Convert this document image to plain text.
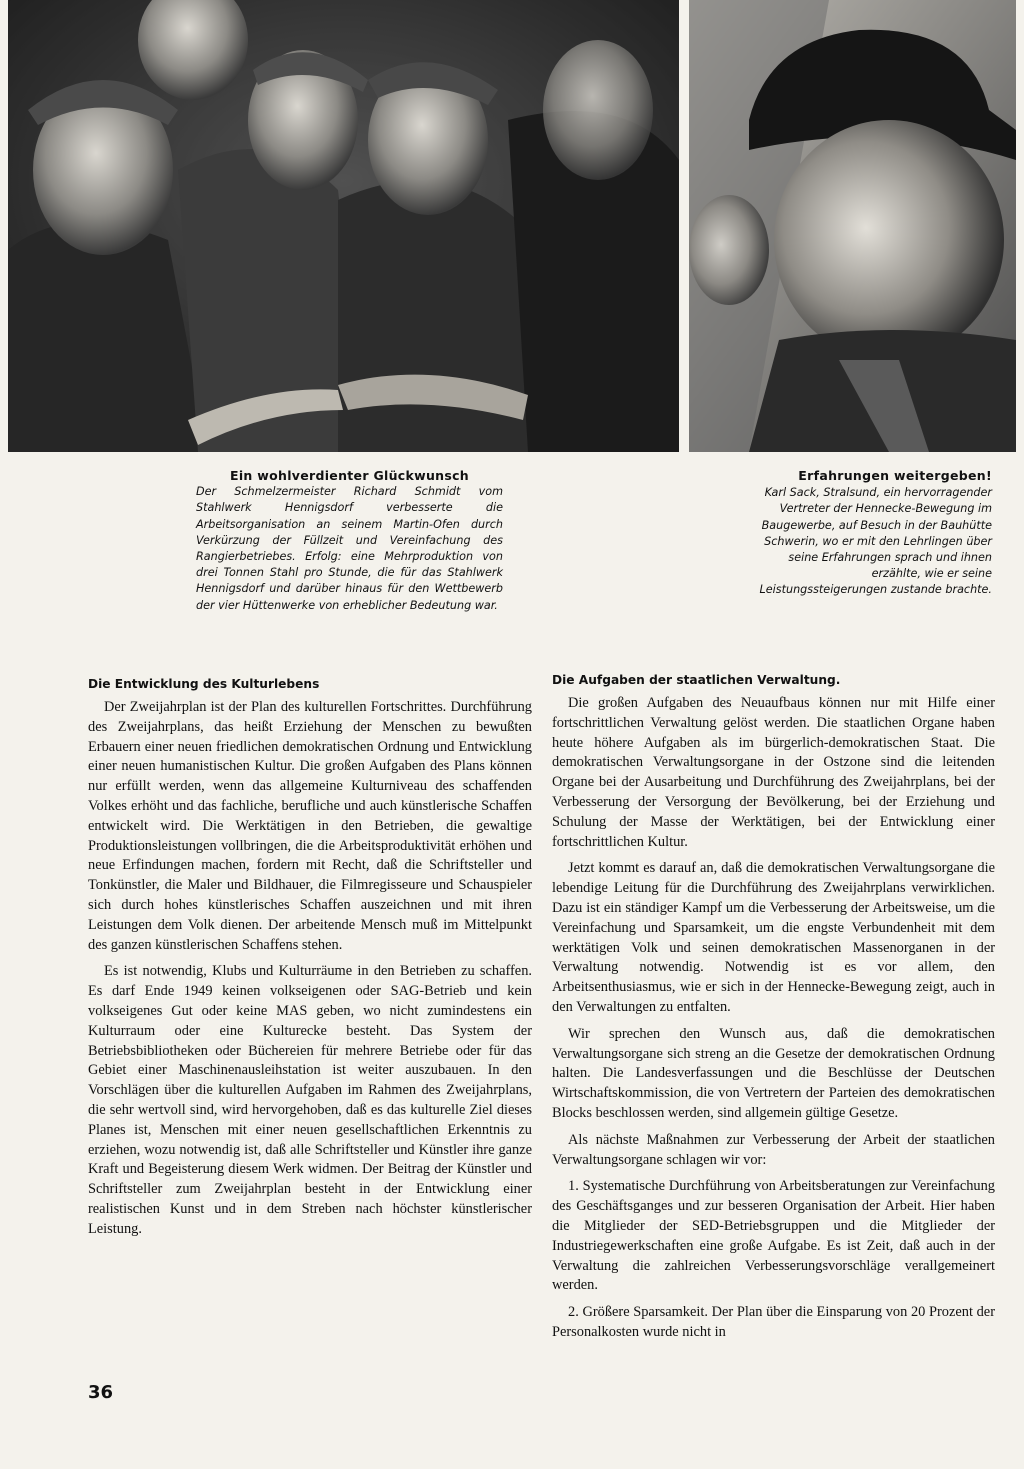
Ein wohlverdienter Glückwunsch
Der Schmelzermeister Richard Schmidt vom Stahlwerk Hennigsdorf verbesserte die Arbeitsorganisation an seinem Martin-Ofen durch Verkürzung der Füllzeit und Vereinfachung des Rangierbetriebes. Erfolg: eine Mehrproduktion von drei Tonnen Stahl pro Stunde, die für das Stahlwerk Hennigsdorf und darüber hinaus für den Wettbewerb der vier Hüttenwerke von erheblicher Bedeutung war.
Erfahrungen weitergeben!
Karl Sack, Stralsund, ein hervorragender Vertreter der Hennecke-Bewegung im Baugewerbe, auf Besuch in der Bauhütte Schwerin, wo er mit den Lehrlingen über seine Erfahrungen sprach und ihnen erzählte, wie er seine Leistungssteigerungen zustande brachte.
Die Entwicklung des Kulturlebens

Der Zweijahrplan ist der Plan des kulturellen Fortschrittes. Durchführung des Zweijahrplans, das heißt Erziehung der Menschen zu bewußten Erbauern einer neuen friedlichen demokratischen Ordnung und Entwicklung einer neuen humanistischen Kultur. Die großen Aufgaben des Plans können nur erfüllt werden, wenn das allgemeine Kulturniveau des schaffenden Volkes erhöht und das fachliche, berufliche und auch künstlerische Schaffen entwickelt wird. Die Werktätigen in den Betrieben, die gewaltige Produktionsleistungen vollbringen, die die Arbeitsproduktivität erhöhen und neue Erfindungen machen, fordern mit Recht, daß die Schriftsteller und Tonkünstler, die Maler und Bildhauer, die Filmregisseure und Schauspieler sich durch hohes künstlerisches Schaffen auszeichnen und mit ihren Leistungen dem Volk dienen. Der arbeitende Mensch muß im Mittelpunkt des ganzen künstlerischen Schaffens stehen.

Es ist notwendig, Klubs und Kulturräume in den Betrieben zu schaffen. Es darf Ende 1949 keinen volkseigenen oder SAG-Betrieb und kein volkseigenes Gut oder keine MAS geben, wo nicht zumindestens ein Kulturraum oder eine Kulturecke besteht. Das System der Betriebsbibliotheken oder Büchereien für mehrere Betriebe oder für das Gebiet einer Maschinenausleihstation ist weiter auszubauen. In den Vorschlägen über die kulturellen Aufgaben im Rahmen des Zweijahrplans, die sehr wertvoll sind, wird hervorgehoben, daß es das kulturelle Ziel dieses Planes ist, Menschen mit einer neuen gesellschaftlichen Erkenntnis zu erziehen, wozu notwendig ist, daß alle Schriftsteller und Künstler ihre ganze Kraft und Begeisterung diesem Werk widmen. Der Beitrag der Künstler und Schriftsteller zum Zweijahrplan besteht in der Entwicklung einer realistischen Kunst und in dem Streben nach höchster künstlerischer Leistung.

Die Aufgaben der staatlichen Verwaltung.

Die großen Aufgaben des Neuaufbaus können nur mit Hilfe einer fortschrittlichen Verwaltung gelöst werden. Die staatlichen Organe haben heute höhere Aufgaben als im bürgerlich-demokratischen Staat. Die demokratischen Verwaltungsorgane in der Ostzone sind die leitenden Organe bei der Ausarbeitung und Durchführung des Zweijahrplans, bei der Verbesserung der Versorgung der Bevölkerung, bei der Erziehung und Schulung der Masse der Werktätigen, bei der Entwicklung einer fortschrittlichen Kultur.

Jetzt kommt es darauf an, daß die demokratischen Verwaltungsorgane die lebendige Leitung für die Durchführung des Zweijahrplans verwirklichen. Dazu ist ein ständiger Kampf um die Verbesserung der Arbeitsweise, um die Vereinfachung und Sparsamkeit, um die engste Verbundenheit mit dem werktätigen Volk und seinen demokratischen Massenorganen in der Verwaltung notwendig. Notwendig ist es vor allem, den Arbeitsenthusiasmus, wie er sich in der Hennecke-Bewegung zeigt, auch in den Verwaltungen zu entfalten.

Wir sprechen den Wunsch aus, daß die demokratischen Verwaltungsorgane sich streng an die Gesetze der demokratischen Ordnung halten. Die Landesverfassungen und die Beschlüsse der Deutschen Wirtschaftskommission, die von Vertretern der Parteien des demokratischen Blocks beschlossen werden, sind allgemein gültige Gesetze.

Als nächste Maßnahmen zur Verbesserung der Arbeit der staatlichen Verwaltungsorgane schlagen wir vor:

1. Systematische Durchführung von Arbeitsberatungen zur Vereinfachung des Geschäftsganges und zur besseren Organisation der Arbeit. Hier haben die Mitglieder der SED-Betriebsgruppen und die Mitglieder der Industriegewerkschaften eine große Aufgabe. Es ist Zeit, daß auch in der Verwaltung die zahlreichen Verbesserungsvorschläge verallgemeinert werden.

2. Größere Sparsamkeit. Der Plan über die Einsparung von 20 Prozent der Personalkosten wurde nicht in

36
